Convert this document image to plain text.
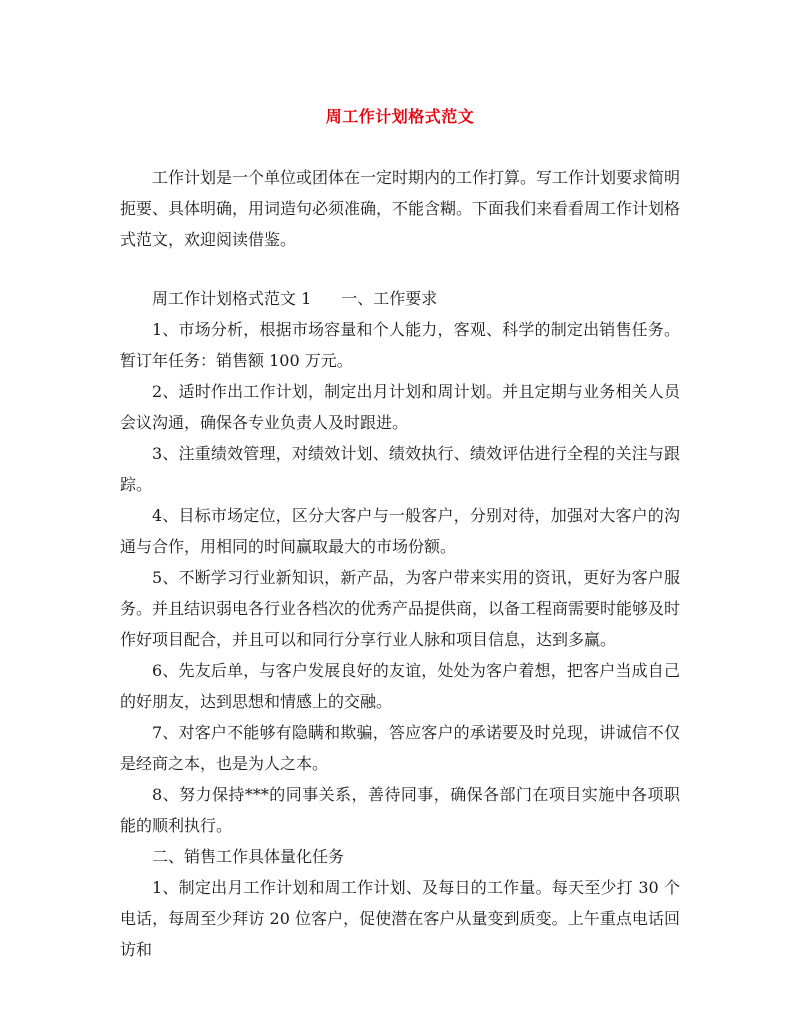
周工作计划格式范文

工作计划是一个单位或团体在一定时期内的工作打算。写工作计划要求简明扼要、具体明确，用词造句必须准确，不能含糊。下面我们来看看周工作计划格式范文，欢迎阅读借鉴。

周工作计划格式范文 1 一、工作要求

1、市场分析，根据市场容量和个人能力，客观、科学的制定出销售任务。暂订年任务：销售额 100 万元。

2、适时作出工作计划，制定出月计划和周计划。并且定期与业务相关人员会议沟通，确保各专业负责人及时跟进。

3、注重绩效管理，对绩效计划、绩效执行、绩效评估进行全程的关注与跟踪。

4、目标市场定位，区分大客户与一般客户，分别对待，加强对大客户的沟通与合作，用相同的时间赢取最大的市场份额。

5、不断学习行业新知识，新产品，为客户带来实用的资讯，更好为客户服务。并且结识弱电各行业各档次的优秀产品提供商，以备工程商需要时能够及时作好项目配合，并且可以和同行分享行业人脉和项目信息，达到多赢。

6、先友后单，与客户发展良好的友谊，处处为客户着想，把客户当成自己的好朋友，达到思想和情感上的交融。

7、对客户不能够有隐瞒和欺骗，答应客户的承诺要及时兑现，讲诚信不仅是经商之本，也是为人之本。

8、努力保持***的同事关系，善待同事，确保各部门在项目实施中各项职能的顺利执行。

二、销售工作具体量化任务

1、制定出月工作计划和周工作计划、及每日的工作量。每天至少打 30 个电话，每周至少拜访 20 位客户，促使潜在客户从量变到质变。上午重点电话回访和
